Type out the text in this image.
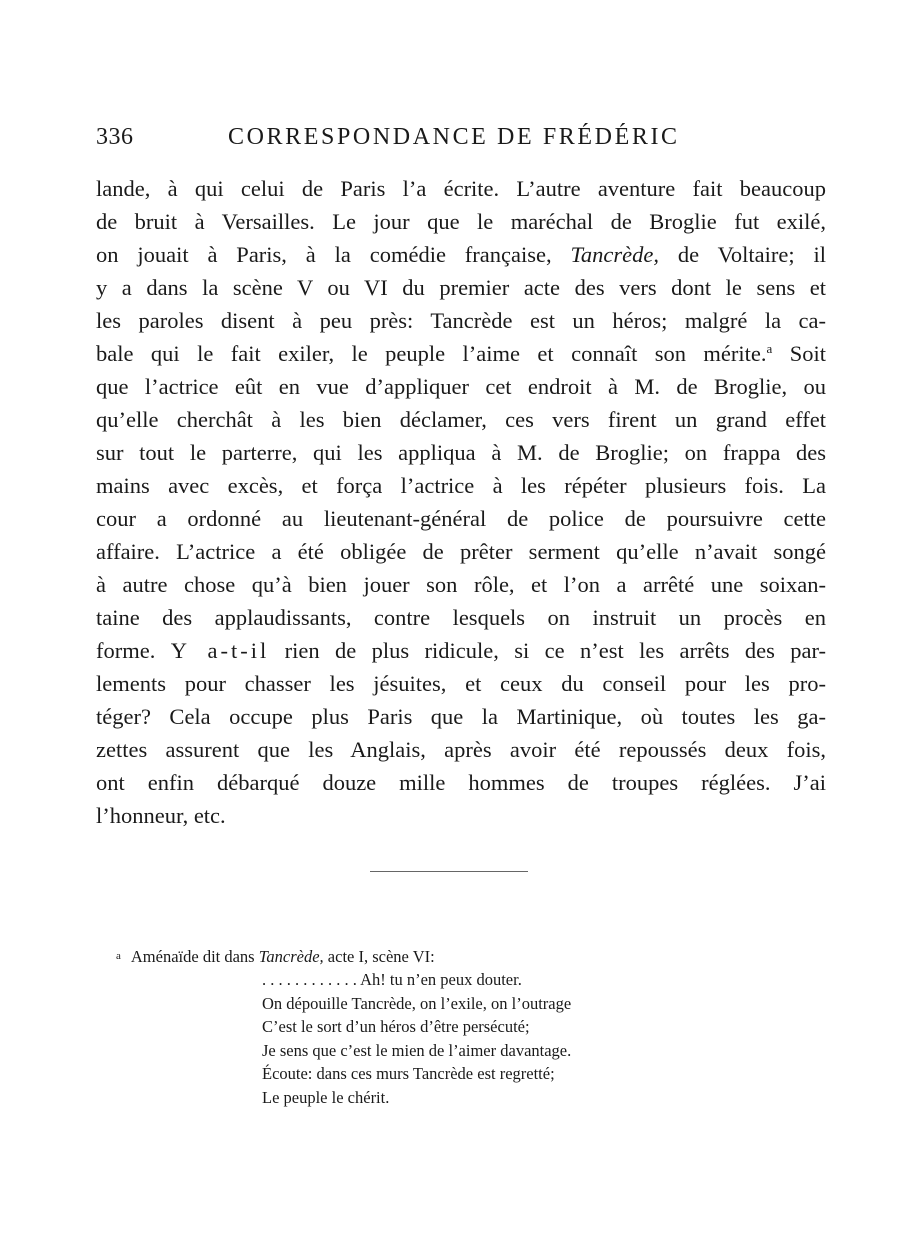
336	CORRESPONDANCE DE FRÉDÉRIC
lande, à qui celui de Paris l’a écrite. L’autre aventure fait beaucoup
de bruit à Versailles. Le jour que le maréchal de Broglie fut exilé,
on jouait à Paris, à la comédie française, Tancrède, de Voltaire; il
y a dans la scène V ou VI du premier acte des vers dont le sens et
les paroles disent à peu près: Tancrède est un héros; malgré la ca-
bale qui le fait exiler, le peuple l’aime et connaît son mérite.$^a$ Soit
que l’actrice eût en vue d’appliquer cet endroit à M. de Broglie, ou
qu’elle cherchât à les bien déclamer, ces vers firent un grand effet
sur tout le parterre, qui les appliqua à M. de Broglie; on frappa des
mains avec excès, et força l’actrice à les répéter plusieurs fois. La
cour a ordonné au lieutenant-général de police de poursuivre cette
affaire. L’actrice a été obligée de prêter serment qu’elle n’avait songé
à autre chose qu’à bien jouer son rôle, et l’on a arrêté une soixan-
taine des applaudissants, contre lesquels on instruit un procès en
forme. Y a-t-il rien de plus ridicule, si ce n’est les arrêts des par-
lements pour chasser les jésuites, et ceux du conseil pour les pro-
téger? Cela occupe plus Paris que la Martinique, où toutes les ga-
zettes assurent que les Anglais, après avoir été repoussés deux fois,
ont enfin débarqué douze mille hommes de troupes réglées. J’ai
l’honneur, etc.
a Aménaïde dit dans Tancrède, acte I, scène VI:
. . . . . . . . . . . . Ah! tu n’en peux douter.
On dépouille Tancrède, on l’exile, on l’outrage
C’est le sort d’un héros d’être persécuté;
Je sens que c’est le mien de l’aimer davantage.
Écoute: dans ces murs Tancrède est regretté;
Le peuple le chérit.
